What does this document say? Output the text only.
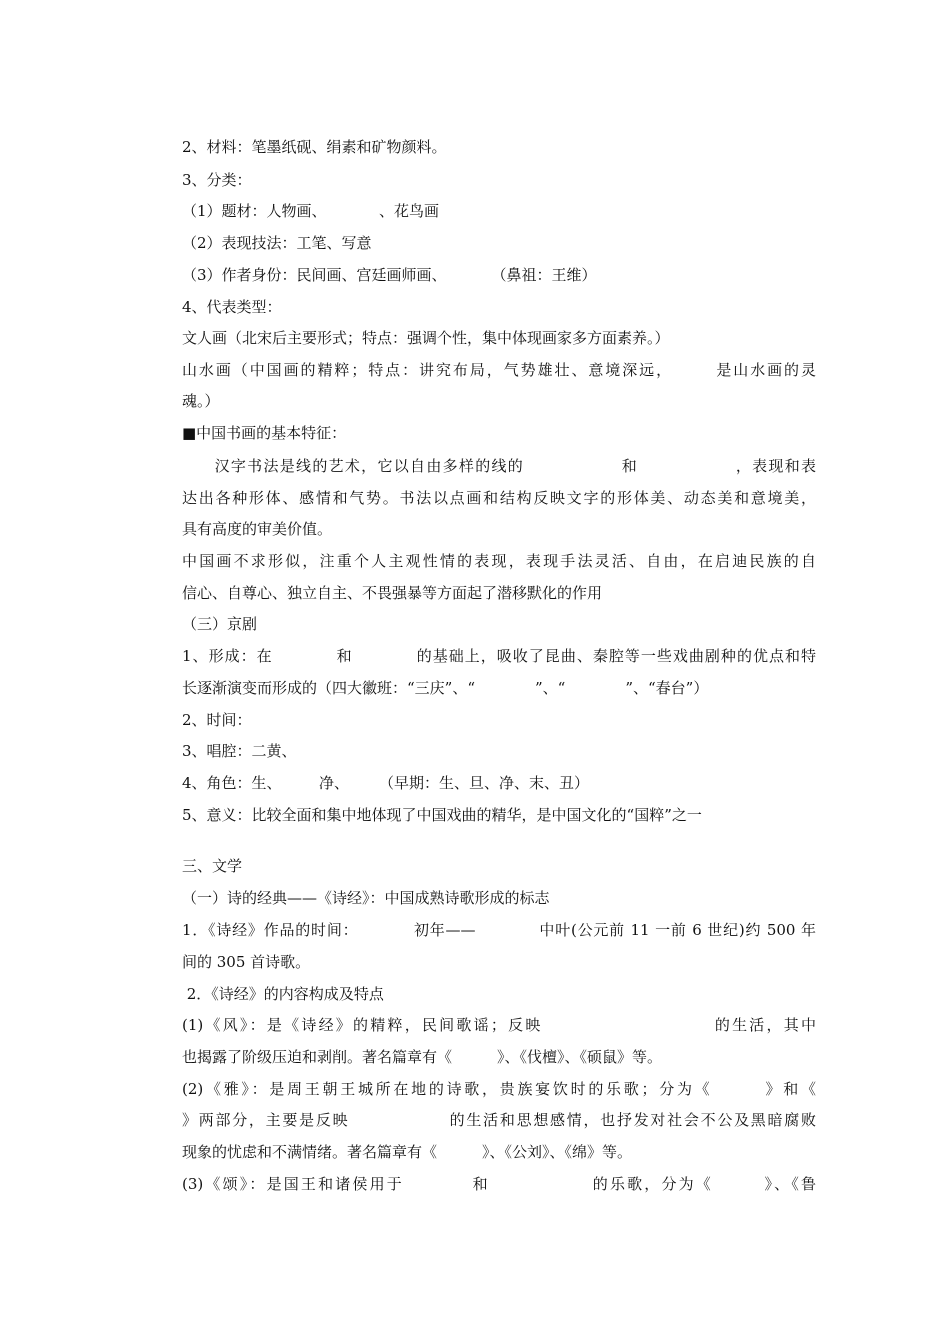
2、材料：笔墨纸砚、绢素和矿物颜料。
3、分类：
（1）题材：人物画、　　　　、花鸟画
（2）表现技法：工笔、写意
（3）作者身份：民间画、宫廷画师画、　　　　（鼻祖：王维）
4、代表类型：
文人画（北宋后主要形式；特点：强调个性，集中体现画家多方面素养。）
山水画（中国画的精粹；特点：讲究布局，气势雄壮、意境深远，　　　是山水画的灵
魂。）
■中国书画的基本特征：
　　汉字书法是线的艺术，它以自由多样的线的　　　　　　和　　　　　　，表现和表
达出各种形体、感情和气势。书法以点画和结构反映文字的形体美、动态美和意境美，
具有高度的审美价值。
中国画不求形似，注重个人主观性情的表现，表现手法灵活、自由，在启迪民族的自
信心、自尊心、独立自主、不畏强暴等方面起了潜移默化的作用
（三）京剧
1、形成：在　　　　和　　　　的基础上，吸收了昆曲、秦腔等一些戏曲剧种的优点和特
长逐渐演变而形成的（四大徽班：“三庆”、“　　　　”、“　　　　”、“春台”）
2、时间：
3、唱腔：二黄、
4、角色：生、　　　净、　　　（早期：生、旦、净、末、丑）
5、意义：比较全面和集中地体现了中国戏曲的精华，是中国文化的“国粹”之一
三、文学
（一）诗的经典——《诗经》：中国成熟诗歌形成的标志
1．《诗经》作品的时间：　　　　初年——　　　　中叶(公元前 11 一前 6 世纪)约 500 年
间的 305 首诗歌。
2．《诗经》的内容构成及特点
(1)《风》：是《诗经》的精粹，民间歌谣；反映　　　　　　　　　　的生活，其中
也揭露了阶级压迫和剥削。著名篇章有《　　　》、《伐檀》、《硕鼠》等。
(2)《雅》：是周王朝王城所在地的诗歌，贵族宴饮时的乐歌；分为《　　　》和《
》两部分，主要是反映　　　　　　的生活和思想感情，也抒发对社会不公及黑暗腐败
现象的忧虑和不满情绪。著名篇章有《　　　》、《公刘》、《绵》等。
(3)《颂》：是国王和诸侯用于　　　　和　　　　　　的乐歌，分为《　　　》、《鲁
